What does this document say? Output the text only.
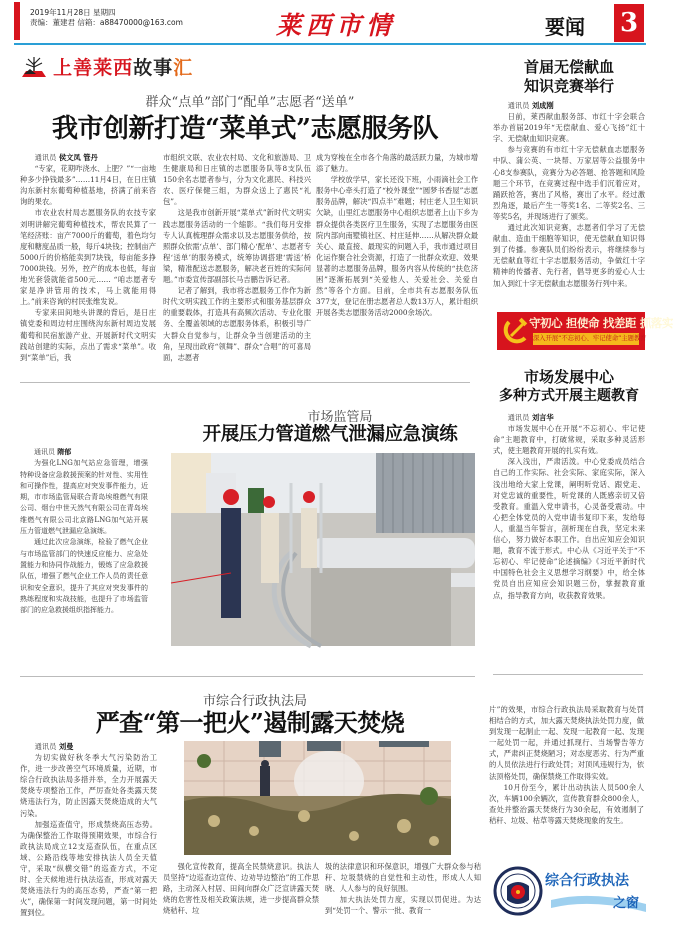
2019年11月28日 星期四
责编：董建君 信箱：a88470000@163.com	莱西市情	要闻 3
上善莱西故事汇
群众“点单”部门“配单”志愿者“送单”
我市创新打造“菜单式”志愿服务队

通讯员 侯文凤 管丹

“专家，花期咋浇水、上肥？”“一亩地种多少挣钱最多”……11月4日，在日庄镇沟东新村东葡萄种植基地，挤满了前来咨询的果农。

市农业农村局志愿服务队的农技专家刘明讲解完葡萄种植技术，帮农民算了一笔经济账：亩产7000斤的葡萄，着色均匀度和糖度品质一般，每斤4块钱；控制亩产5000斤的价格能卖到7块钱，每亩能多挣7000块钱。另外，控产的成本也低，每亩地光套袋就能省500元…… “咱志愿者专家是净讲管用的技术，马上就能用得上。”前来咨询的村民张维发说。

专家来田间地头讲课的背后，是日庄镇党委和周边村庄围绕沟东新村周边发展葡萄和民宿旅游产业、开展新时代文明实践站创建的实际，点出了需求“菜单”。收到“菜单”后，我

市组织文联、农业农村局、文化和旅游局、卫生健康局和日庄镇的志愿服务队等8支队伍150余名志愿者参与，分为文化惠民、科技兴农、医疗保健三组，为群众送上了惠民“礼包”。

这是我市创新开展“菜单式”新时代文明实践志愿服务活动的一个缩影。“我们每月安排专人认真梳理群众需求以及志愿服务供给，按照群众依需‘点单’、部门精心‘配单’、志愿者专程‘送单’的服务模式，统筹协调搭建‘需送’桥梁，精准配送志愿服务，解决老百姓的实际问题。”市委宣传部副部长马吉鹏告诉记者。

记者了解到，我市将志愿服务工作作为新时代文明实践工作的主要形式和服务基层群众的重要载体，打造具有高频次活动、专业化服务、全覆盖领域的志愿服务体系，积极引导广大群众自觉参与，让群众争当创建活动的主角，呈现出政府“领舞”、群众“合唱”的可喜局面，志愿者

成为穿梭在全市各个角落的最活跃力量，为城市增添了魅力。

学校放学早，家长还没下班，小雨滴社会工作服务中心牵头打造了“校外课堂”“圆梦书香屋”志愿服务品牌，解决“四点半”难题；村庄老人卫生知识欠缺，山里红志愿服务中心组织志愿者上山下乡为群众提供各类医疗卫生服务，实现了志愿服务由医院内部向南墅镇社区、村庄延伸……从解决群众最关心、最直接、最现实的问题入手，我市通过项目化运作聚合社会资源，打造了一批群众欢迎、效果显著的志愿服务品牌，服务内容从传统的“扶危济困”逐渐拓展到“关爱他人、关爱社会、关爱自然”等各个方面。目前，全市共有志愿服务队伍377支，登记在册志愿者总人数13万人，累计组织开展各类志愿服务活动2000余场次。

市场监管局
开展压力管道燃气泄漏应急演练

通讯员 隋郁

为强化LNG加气站应急管理，增强特种设备应急救援预案的针对性、实用性和可操作性，提高应对突发事件能力，近期，市市场监管局联合青岛埃维燃气有限公司、烟台中世天然气有限公司在青岛埃维燃气有限公司北京路LNG加气站开展压力管道燃气泄漏应急演练。

通过此次应急演练，检验了燃气企业与市场监管部门的快速反应能力、应急处置能力和协同作战能力，锻炼了应急救援队伍，增强了燃气企业工作人员的责任意识和安全意识，提升了其应对突发事件的熟练程度和实战技能，也提升了市场监管部门的应急救援组织指挥能力。

市综合行政执法局
严查“第一把火”遏制露天焚烧

通讯员 刘曼

为切实做好秋冬季大气污染防治工作，进一步改善空气环境质量，近期，市综合行政执法局多措并举，全力开展露天焚烧专项整治工作，严厉查处各类露天焚烧违法行为，防止因露天焚烧造成的大气污染。

加强巡查值守，形成禁烧高压态势。为确保整治工作取得预期效果，市综合行政执法局成立12支巡查队伍，在重点区域、公路沿线等地安排执法人员全天值守，采取“纵横交错”的巡查方式，不定时、全天候地进行执法巡查，形成对露天焚烧违法行为的高压态势，严查“第一把火”，确保第一时间发现问题，第一时间处置到位。

强化宣传教育，提高全民禁烧意识。执法人员坚持“边巡查边宣传、边劝导边整治”的工作思路，主动深入村居、田间向群众广泛宣讲露天焚烧的危害性及相关政策法规，进一步提高群众禁烧秸秆、垃

圾的法律意识和环保意识，增强广大群众参与秸秆、垃圾禁烧的自觉性和主动性，形成人人知晓、人人参与的良好氛围。

加大执法处罚力度，实现以罚促进。为达到“处罚一个、警示一批、教育一

片”的效果，市综合行政执法局采取教育与处罚相结合的方式，加大露天焚烧执法处罚力度，做到发现一起制止一起、发现一起教育一起、发现一起处罚一起，并通过抓现行、当场警告等方式，严肃纠正焚烧陋习；对态度恶劣、行为严重的人员依法进行行政处罚；对顶风违规行为，依法顶格处罚，确保禁烧工作取得实效。

10月份至今，累计出动执法人员500余人次，车辆100余辆次，宣传教育群众800余人，查处并整治露天焚烧行为30余起，有效遏制了秸秆、垃圾、枯草等露天焚烧现象的发生。

首届无偿献血
知识竞赛举行

通讯员 刘成刚

日前，莱西献血服务部、市红十字会联合举办首届2019年“无偿献血、爱心飞扬”红十字、无偿献血知识竞赛。

参与竞赛的有市红十字无偿献血志愿服务中队、蒲公英、一块帮、万家居等公益服务中心8支参赛队，竞赛分为必答题、抢答题和风险题三个环节，在竞赛过程中选手们沉着应对，踊跃抢答，赛出了风格，赛出了水平。经过激烈角逐，最后产生一等奖1名、二等奖2名、三等奖5名，并现场进行了颁奖。

通过此次知识竞赛，志愿者们学习了无偿献血、造血干细胞等知识，使无偿献血知识得到了传播。参赛队员们纷纷表示，将继续参与无偿献血等红十字志愿服务活动，争做红十字精神的传播者、先行者，倡导更多的爱心人士加入到红十字无偿献血志愿服务行列中来。

守初心 担使命 找差距 抓落实
深入开展“不忘初心、牢记使命”主题教育
市场发展中心
多种方式开展主题教育

通讯员 刘言华

市场发展中心在开展“不忘初心、牢记使命”主题教育中，打破常规，采取多种灵活形式，使主题教育开展的扎实有效。

深入浅出，严肃活泼。中心党委成员结合自己的工作实际、社会实际、家庭实际，深入浅出地给大家上党课，阐明听党话、跟党走、对党忠诚的重要性，听党课的人既感亲切又倍受教育。重温入党申请书，心灵备受震动。中心把全体党员的入党申请书复印下来，发给每人，重温当年誓言，剖析现在自我，坚定未来信心，努力做好本职工作。自出应知应会知识题，教育不流于形式。中心从《习近平关于“不忘初心、牢记使命”论述摘编》《习近平新时代中国特色社会主义思想学习纲要》中，给全体党员自出应知应会知识题三份，掌握教育重点，指导教育方向，收获教育效果。

综合行政执法
之窗
